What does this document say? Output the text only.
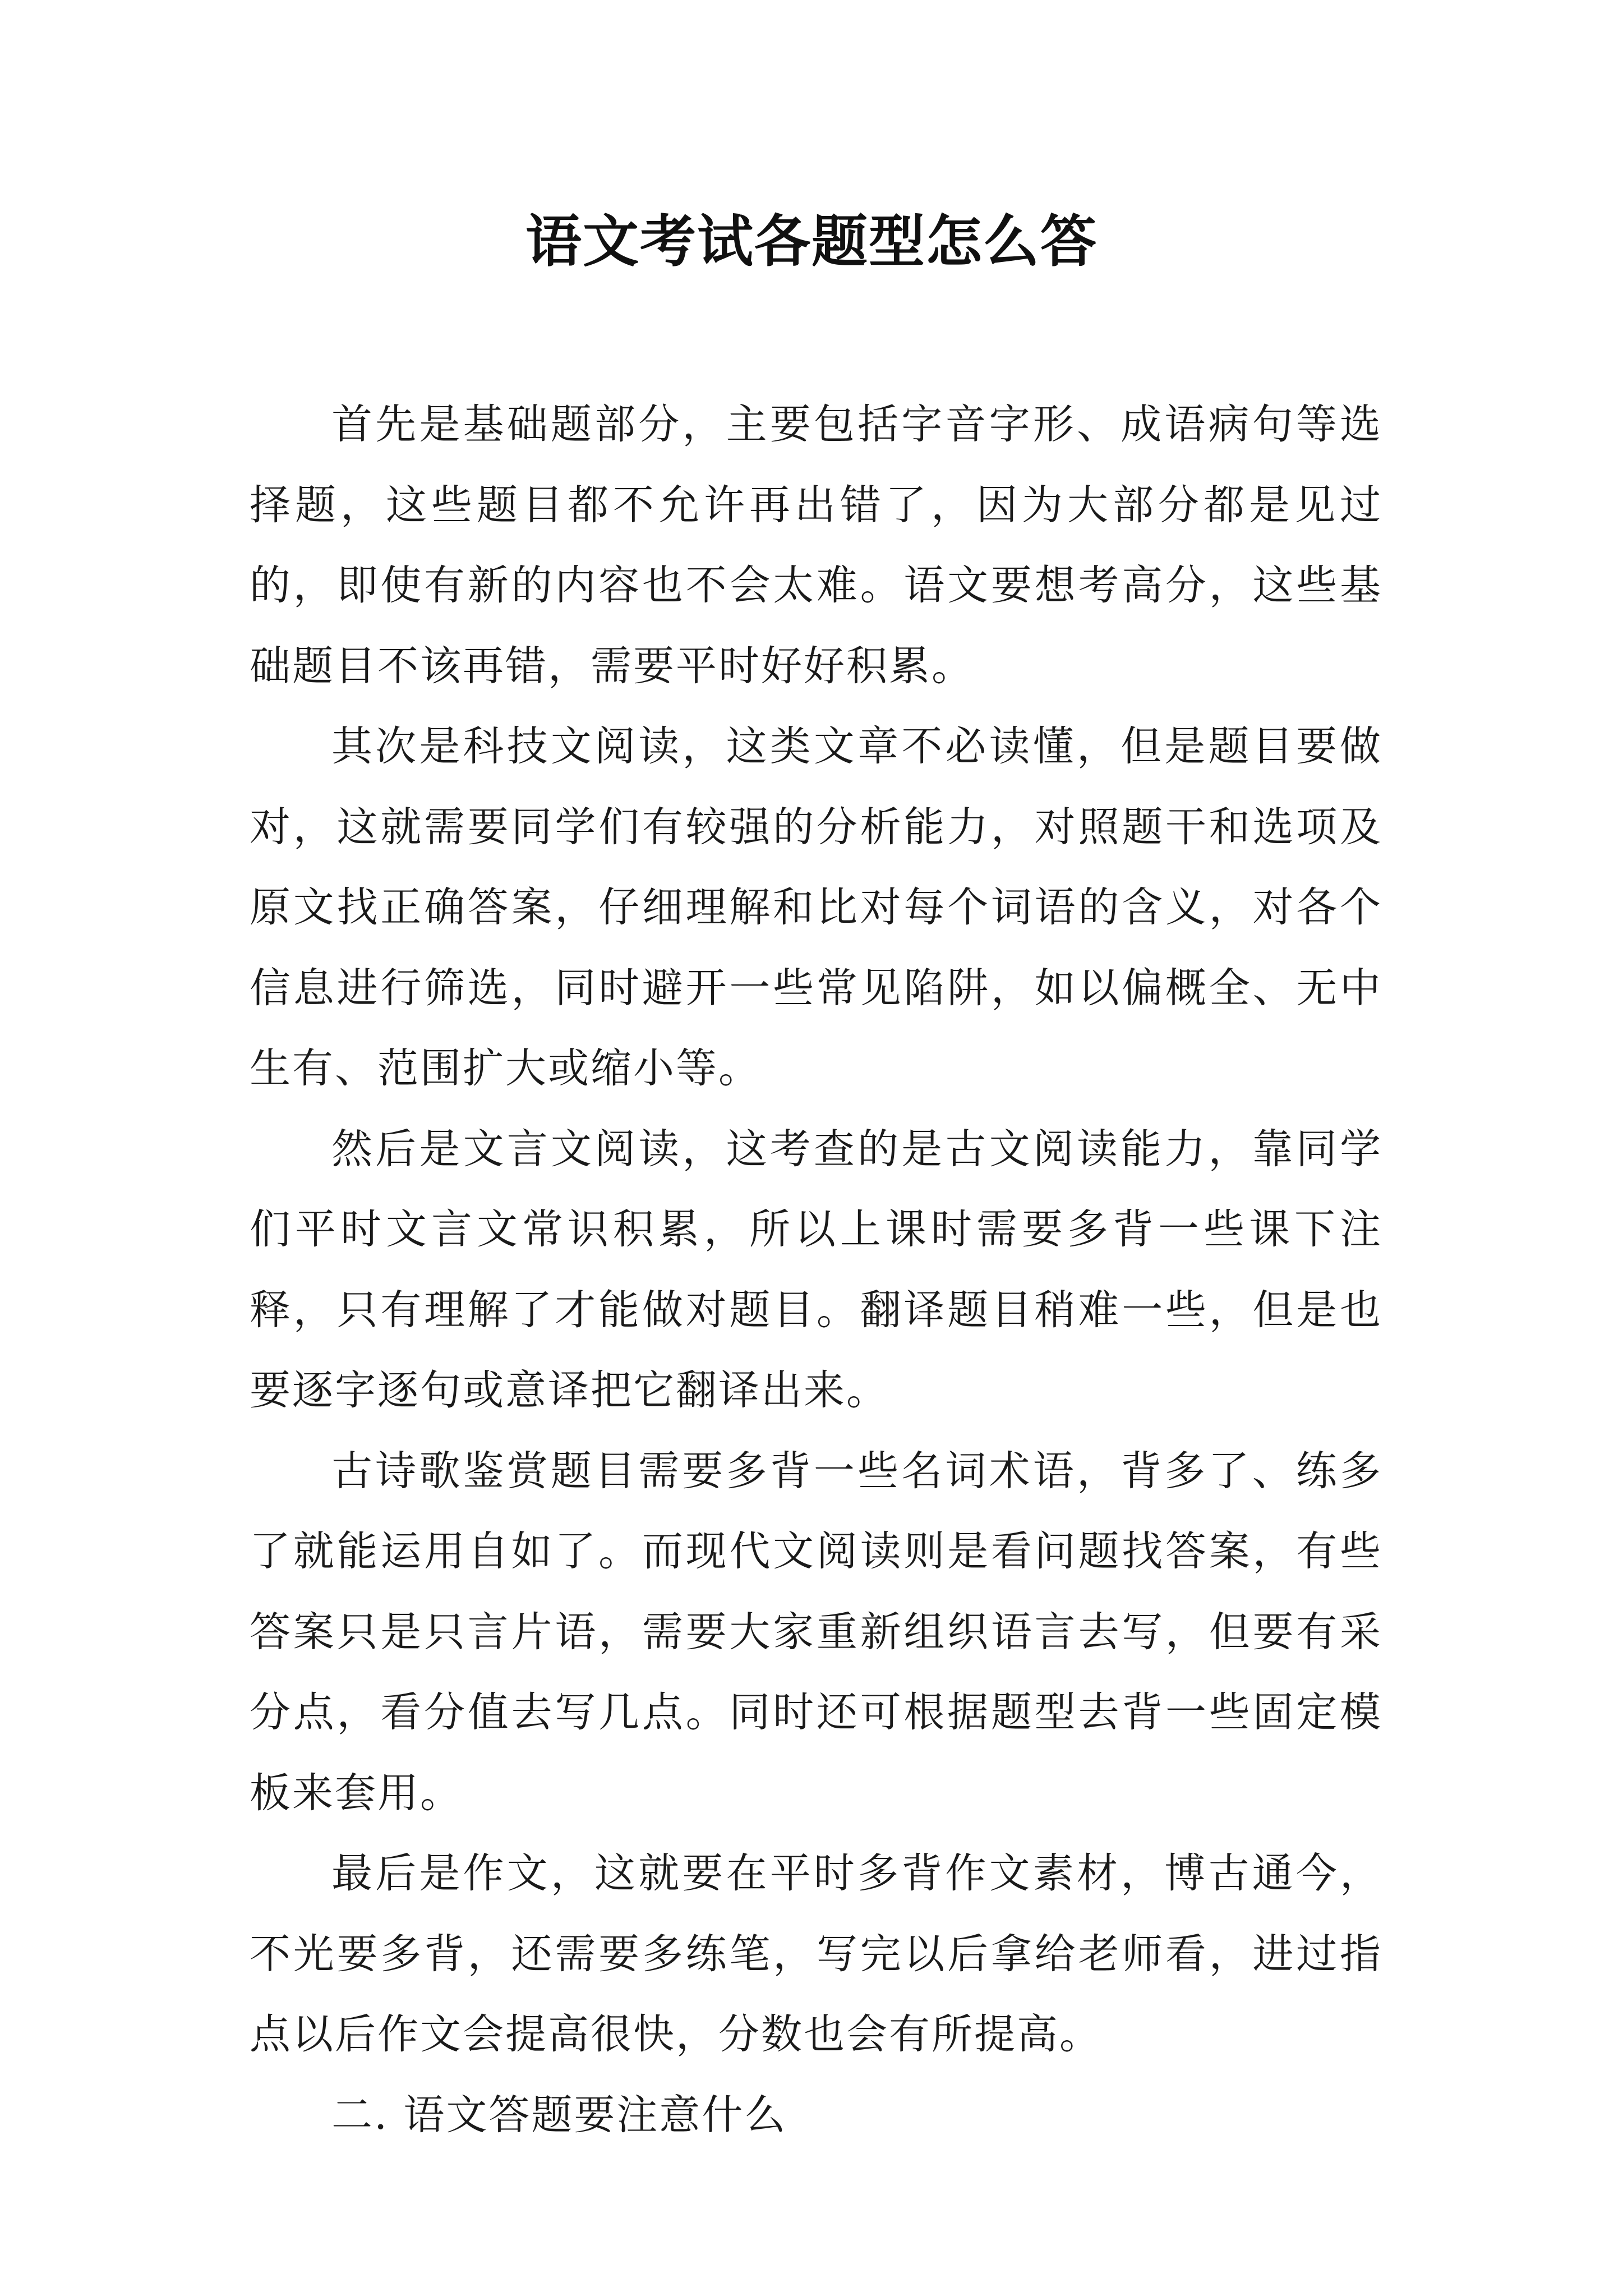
语文考试各题型怎么答

首先是基础题部分，主要包括字音字形、成语病句等选择题，这些题目都不允许再出错了，因为大部分都是见过的，即使有新的内容也不会太难。语文要想考高分，这些基础题目不该再错，需要平时好好积累。

其次是科技文阅读，这类文章不必读懂，但是题目要做对，这就需要同学们有较强的分析能力，对照题干和选项及原文找正确答案，仔细理解和比对每个词语的含义，对各个信息进行筛选，同时避开一些常见陷阱，如以偏概全、无中生有、范围扩大或缩小等。

然后是文言文阅读，这考查的是古文阅读能力，靠同学们平时文言文常识积累，所以上课时需要多背一些课下注释，只有理解了才能做对题目。翻译题目稍难一些，但是也要逐字逐句或意译把它翻译出来。

古诗歌鉴赏题目需要多背一些名词术语，背多了、练多了就能运用自如了。而现代文阅读则是看问题找答案，有些答案只是只言片语，需要大家重新组织语言去写，但要有采分点，看分值去写几点。同时还可根据题型去背一些固定模板来套用。

最后是作文，这就要在平时多背作文素材，博古通今，不光要多背，还需要多练笔，写完以后拿给老师看，进过指点以后作文会提高很快，分数也会有所提高。

二. 语文答题要注意什么
